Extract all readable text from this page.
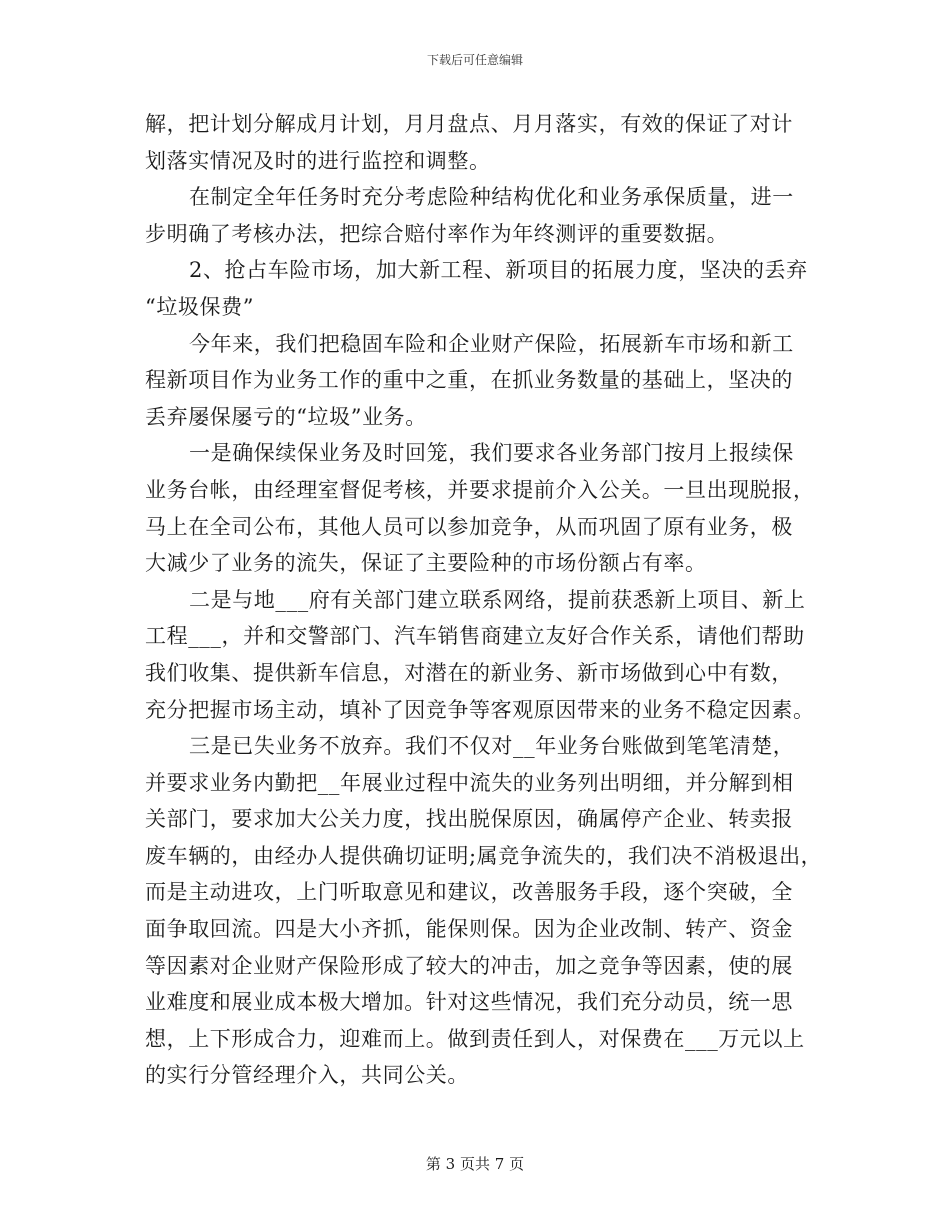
下载后可任意编辑
解，把计划分解成月计划，月月盘点、月月落实，有效的保证了对计
划落实情况及时的进行监控和调整。
在制定全年任务时充分考虑险种结构优化和业务承保质量，进一
步明确了考核办法，把综合赔付率作为年终测评的重要数据。
2、抢占车险市场，加大新工程、新项目的拓展力度，坚决的丢弃
“垃圾保费”
今年来，我们把稳固车险和企业财产保险，拓展新车市场和新工
程新项目作为业务工作的重中之重，在抓业务数量的基础上，坚决的
丢弃屡保屡亏的“垃圾”业务。
一是确保续保业务及时回笼，我们要求各业务部门按月上报续保
业务台帐，由经理室督促考核，并要求提前介入公关。一旦出现脱报，
马上在全司公布，其他人员可以参加竞争，从而巩固了原有业务，极
大减少了业务的流失，保证了主要险种的市场份额占有率。
二是与地___府有关部门建立联系网络，提前获悉新上项目、新上
工程___，并和交警部门、汽车销售商建立友好合作关系，请他们帮助
我们收集、提供新车信息，对潜在的新业务、新市场做到心中有数，
充分把握市场主动，填补了因竞争等客观原因带来的业务不稳定因素。
三是已失业务不放弃。我们不仅对__年业务台账做到笔笔清楚，
并要求业务内勤把__年展业过程中流失的业务列出明细，并分解到相
关部门，要求加大公关力度，找出脱保原因，确属停产企业、转卖报
废车辆的，由经办人提供确切证明;属竞争流失的，我们决不消极退出，
而是主动进攻，上门听取意见和建议，改善服务手段，逐个突破，全
面争取回流。四是大小齐抓，能保则保。因为企业改制、转产、资金
等因素对企业财产保险形成了较大的冲击，加之竞争等因素，使的展
业难度和展业成本极大增加。针对这些情况，我们充分动员，统一思
想，上下形成合力，迎难而上。做到责任到人，对保费在___万元以上
的实行分管经理介入，共同公关。
第 3 页共 7 页
